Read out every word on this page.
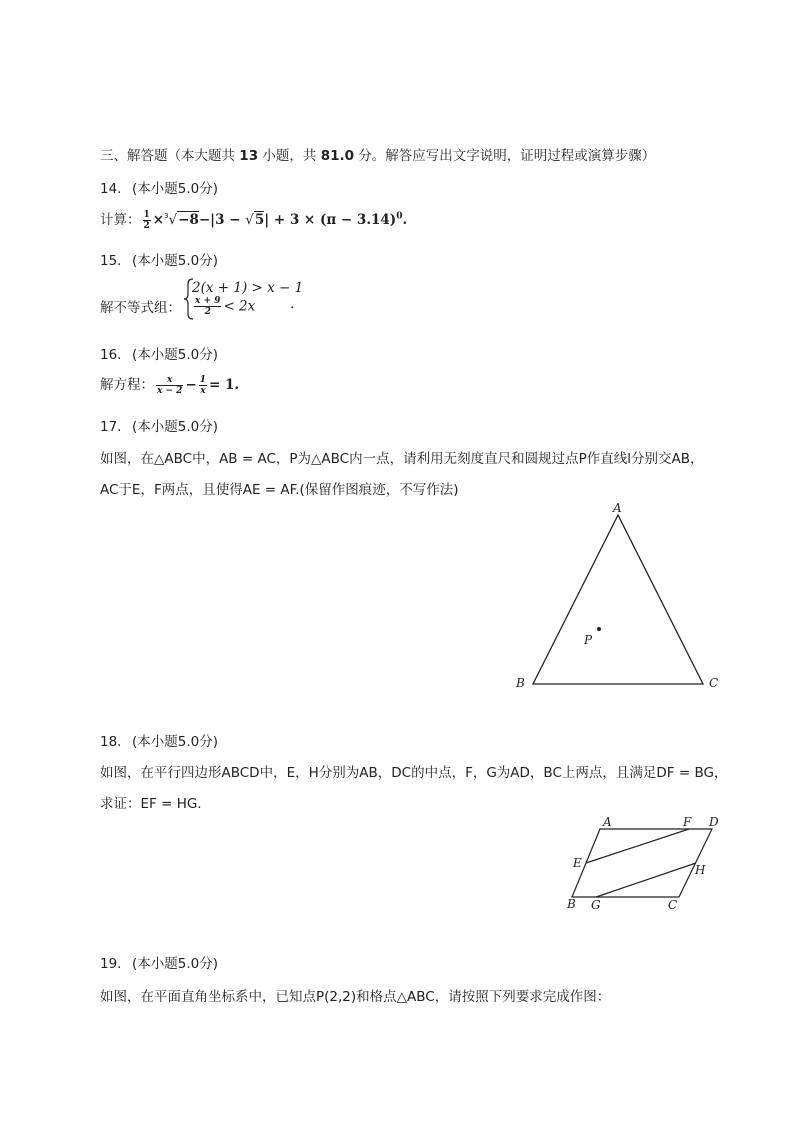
三、解答题（本大题共 13 小题，共 81.0 分。解答应写出文字说明，证明过程或演算步骤）
14. (本小题5.0分)
计算： $\frac{1}{2} \times^3√-8-|3 - √5| + 3 \times (\pi - 3.14)^0$.
15. (本小题5.0分)
解不等式组：
2(x + 1) > x − 1
$\frac{x + 9}{2} < 2x$	.
16. (本小题5.0分)
解方程： $\frac{x}{x - 2} - \frac{1}{x} = 1$.
17. (本小题5.0分)
如图，在△ABC中，AB = AC，P为△ABC内一点，请利用无刻度直尺和圆规过点P作直线l分别交AB，
AC于E，F两点，且使得AE = AF.(保留作图痕迹，不写作法)
A
B	C
P
18. (本小题5.0分)
如图，在平行四边形ABCD中，E，H分别为AB，DC的中点，F，G为AD，BC上两点，且满足DF = BG，
求证：EF = HG.
A	F D
E	H
B G	C
19. (本小题5.0分)
如图，在平面直角坐标系中，已知点P(2,2)和格点△ABC，请按照下列要求完成作图：
